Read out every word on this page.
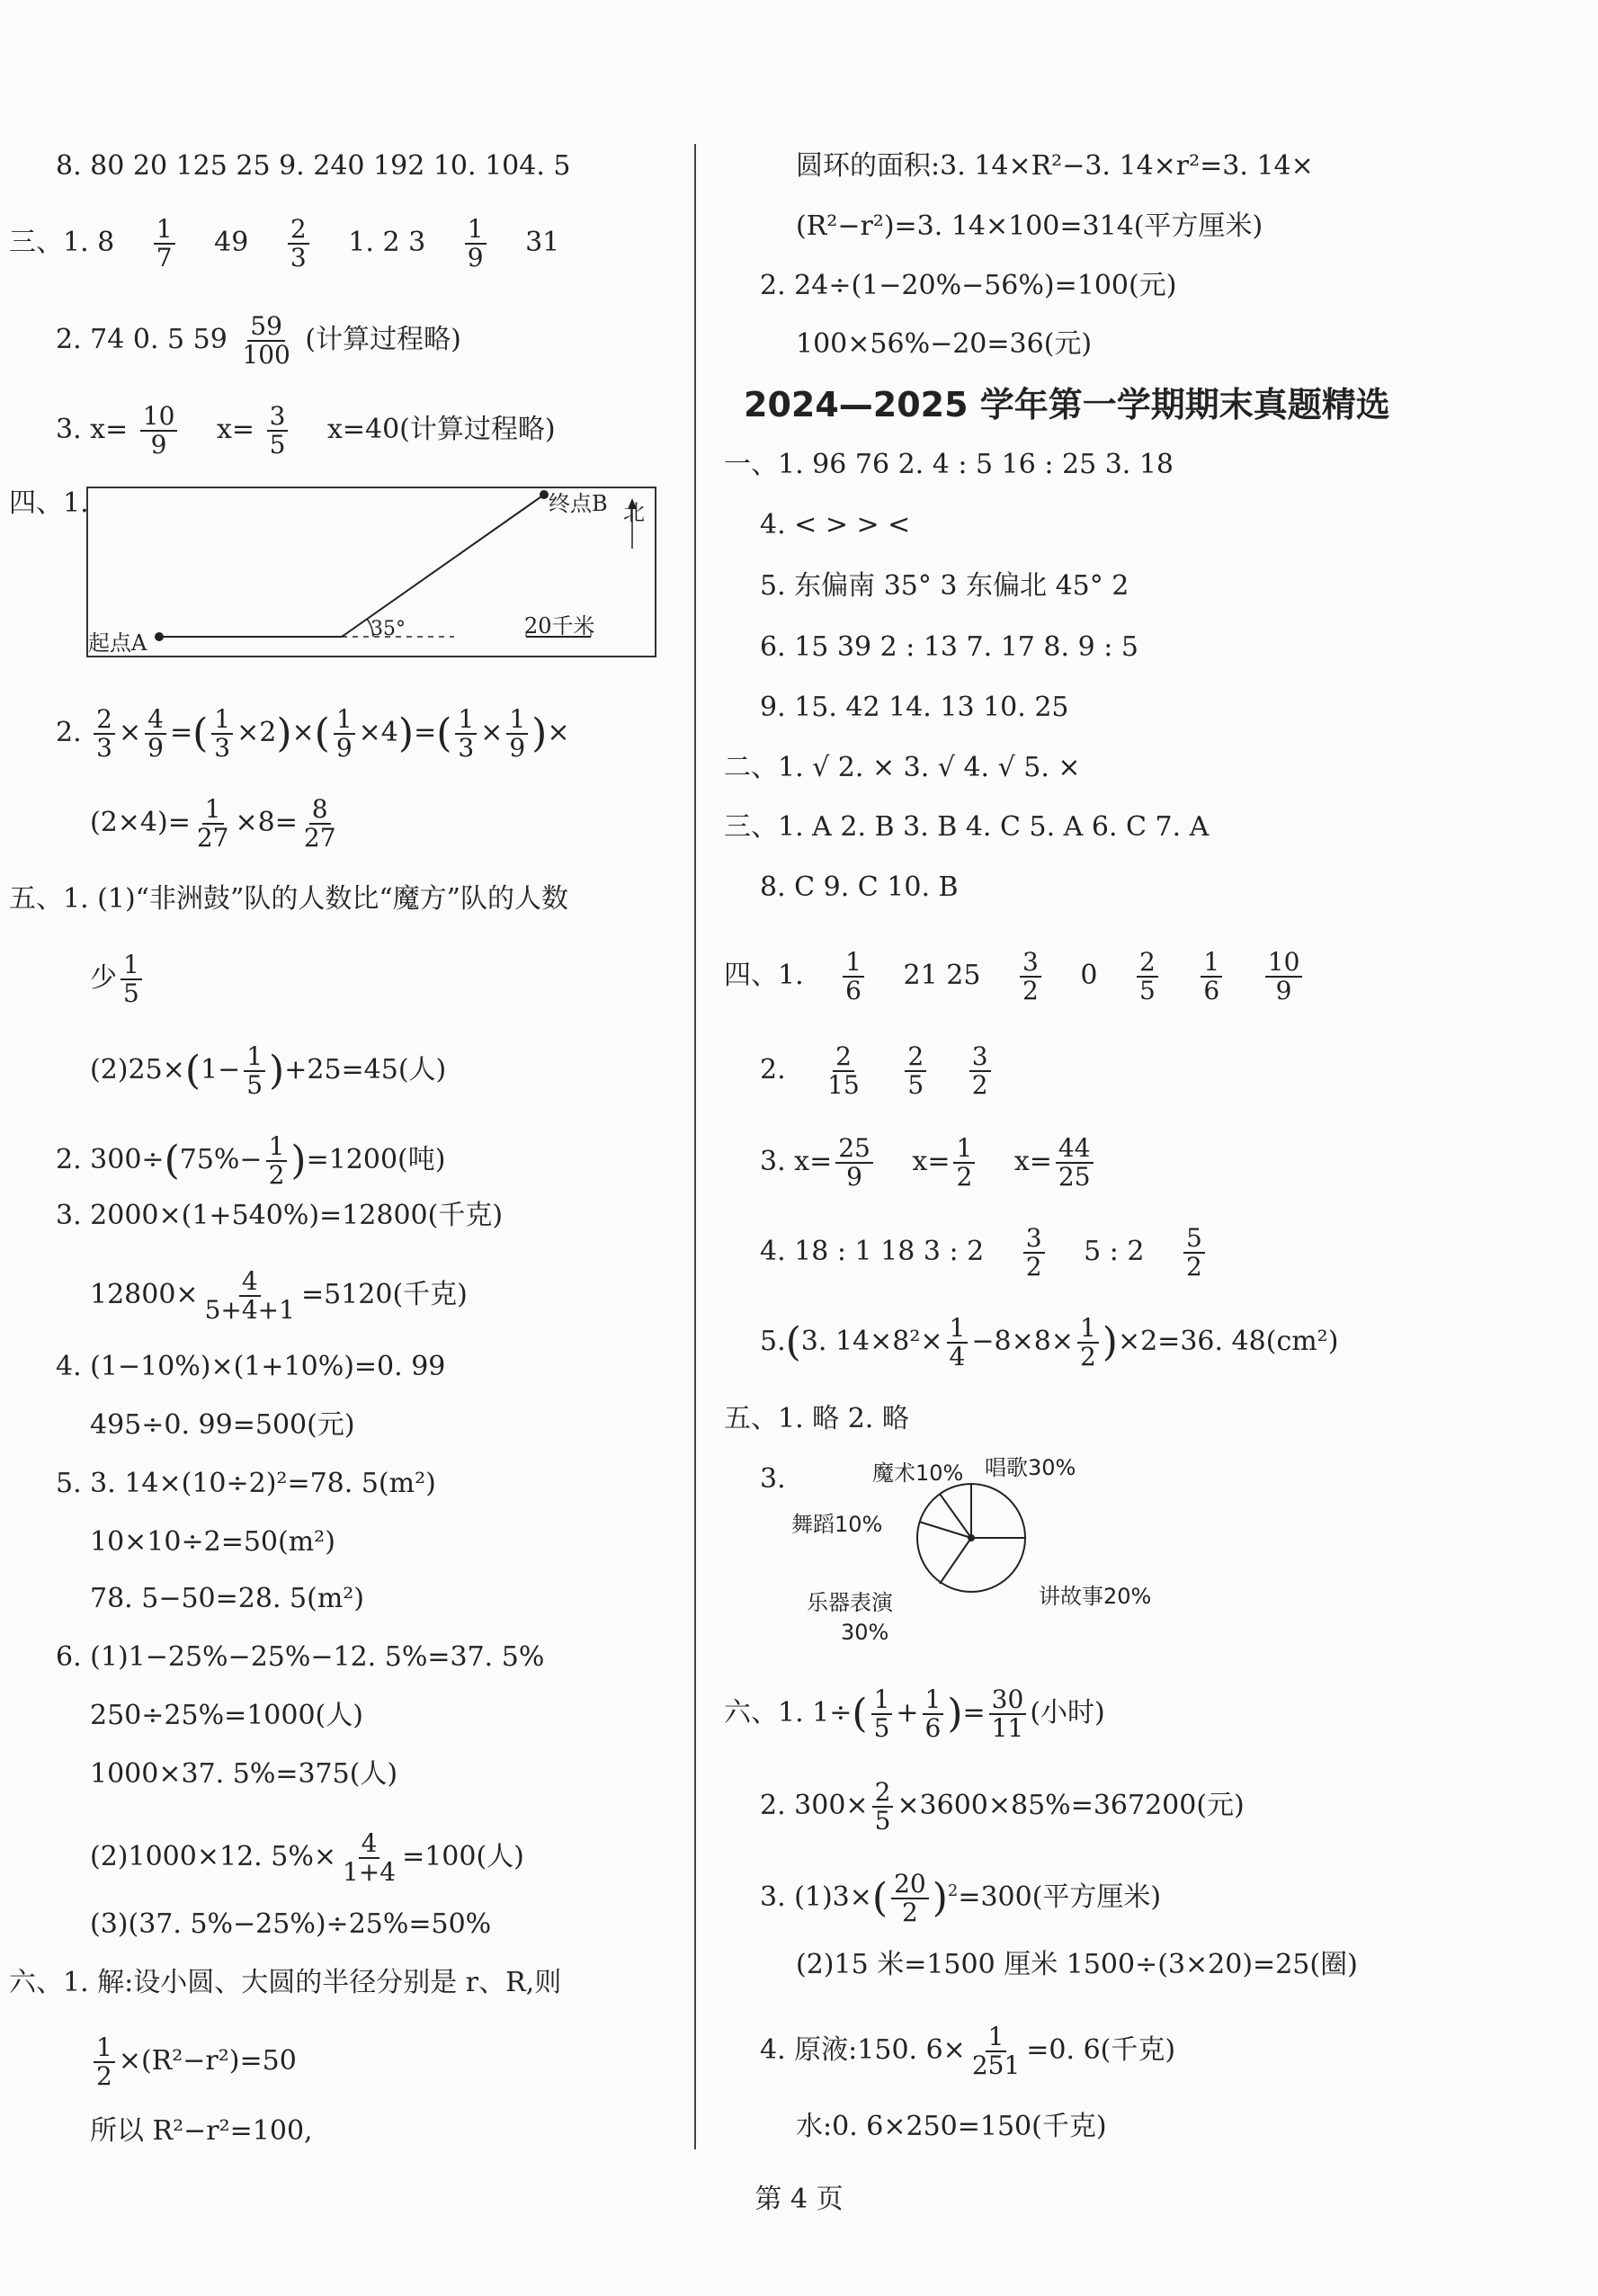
8. 80 20 125 25 9. 240 192 10. 104. 5
三、1. $8 \frac{1}{7} 49 \frac{2}{3} 1$. 2 $3 \frac{1}{9} 31$
2. 74 0. 5 $59 \frac{59}{100}$ (计算过程略)
3. $x= \frac{10}{9} x= \frac{3}{5} x=40$(计算过程略)
四、1.	终点B 北
35°	20千米
起点A
2. $\frac{2}{3} \times \frac{4}{9}$ =( $\frac{1}{3} \times 2)\times( \frac{1}{9} \times 4)=( \frac{1}{3} \times \frac{1}{9}$ )×
$(2\times 4)= \frac{1}{27} \times 8= \frac{8}{27}$
五、1. (1)“非洲鼓”队的人数比“魔方”队的人数
少 $\frac{1}{5}$
$(2)25\times(1- \frac{1}{5} )+25=45$(人)
2. $300\div(75\%- \frac{1}{2} )=1200$(吨)
3. 2000×(1+540%)=12800(千克)
$12800\times \frac{4}{5+4+1} =5120$(千克)
4. (1−10%)×(1+10%)=0. 99
495÷0. 99=500(元)
5. 3. 14×(10÷2)²=78. 5(m²)
10×10÷2=50(m²)
78. 5−50=28. 5(m²)
6. (1)1−25%−25%−12. 5%=37. 5%
250÷25%=1000(人)
1000×37. 5%=375(人)
(2)1000×12. $5\%\times \frac{4}{1+4} =100$(人)
(3)(37. 5%−25%)÷25%=50%
六、1. 解:设小圆、大圆的半径分别是 r、R,则
$\frac{1}{2} \times(R^2-r^2)=50$
所以 R²−r²=100,
圆环的面积:3. 14×R²−3. 14×r²=3. 14×
(R²−r²)=3. 14×100=314(平方厘米)
2. 24÷(1−20%−56%)=100(元)
100×56%−20=36(元)
2024—2025 学年第一学期期末真题精选
一、1. 96 76 2. 4 : 5 16 : 25 3. 18
4. < > > <
5. 东偏南 35° 3 东偏北 45° 2
6. 15 39 2 : 13 7. 17 8. 9 : 5
9. 15. 42 14. 13 10. 25
二、1. √ 2. × 3. √ 4. √ 5. ×
三、1. A 2. B 3. B 4. C 5. A 6. C 7. A
8. C 9. C 10. B
四、1. $\frac{1}{6} 21$ $25 \frac{3}{2} 0 \frac{2}{5}$
$\frac{1}{6}$
$\frac{10}{9}$
2. $\frac{2}{15}$
$\frac{2}{5}$
$\frac{3}{2}$
3. $x= \frac{25}{9} x= \frac{1}{2} x= \frac{44}{25}$
4. 18 : 1 18 3 : $2 \frac{3}{2} 5$ : $2 \frac{5}{2}$
5.(3. $14\times 8^2\times \frac{1}{4} -8\times 8\times \frac{1}{2} )\times 2=36$. 48(cm²)
五、1. 略 2. 略
3.	魔术10% 唱歌30%
舞蹈10%
乐器表演
30%
讲故事20%
六、1. $1\div( \frac{1}{5} + \frac{1}{6}$ )= $\frac{30}{11}$ (小时)
2. $300\times \frac{2}{5} \times 3600\times 85\%=367200$(元)
3. $(1)3\times( \frac{20}{2} )^2=300$(平方厘米)
(2)15 米=1500 厘米 1500÷(3×20)=25(圈)
4. 原液:150. $6\times \frac{1}{251} =0$. 6(千克)
水:0. 6×250=150(千克)
第 4 页
